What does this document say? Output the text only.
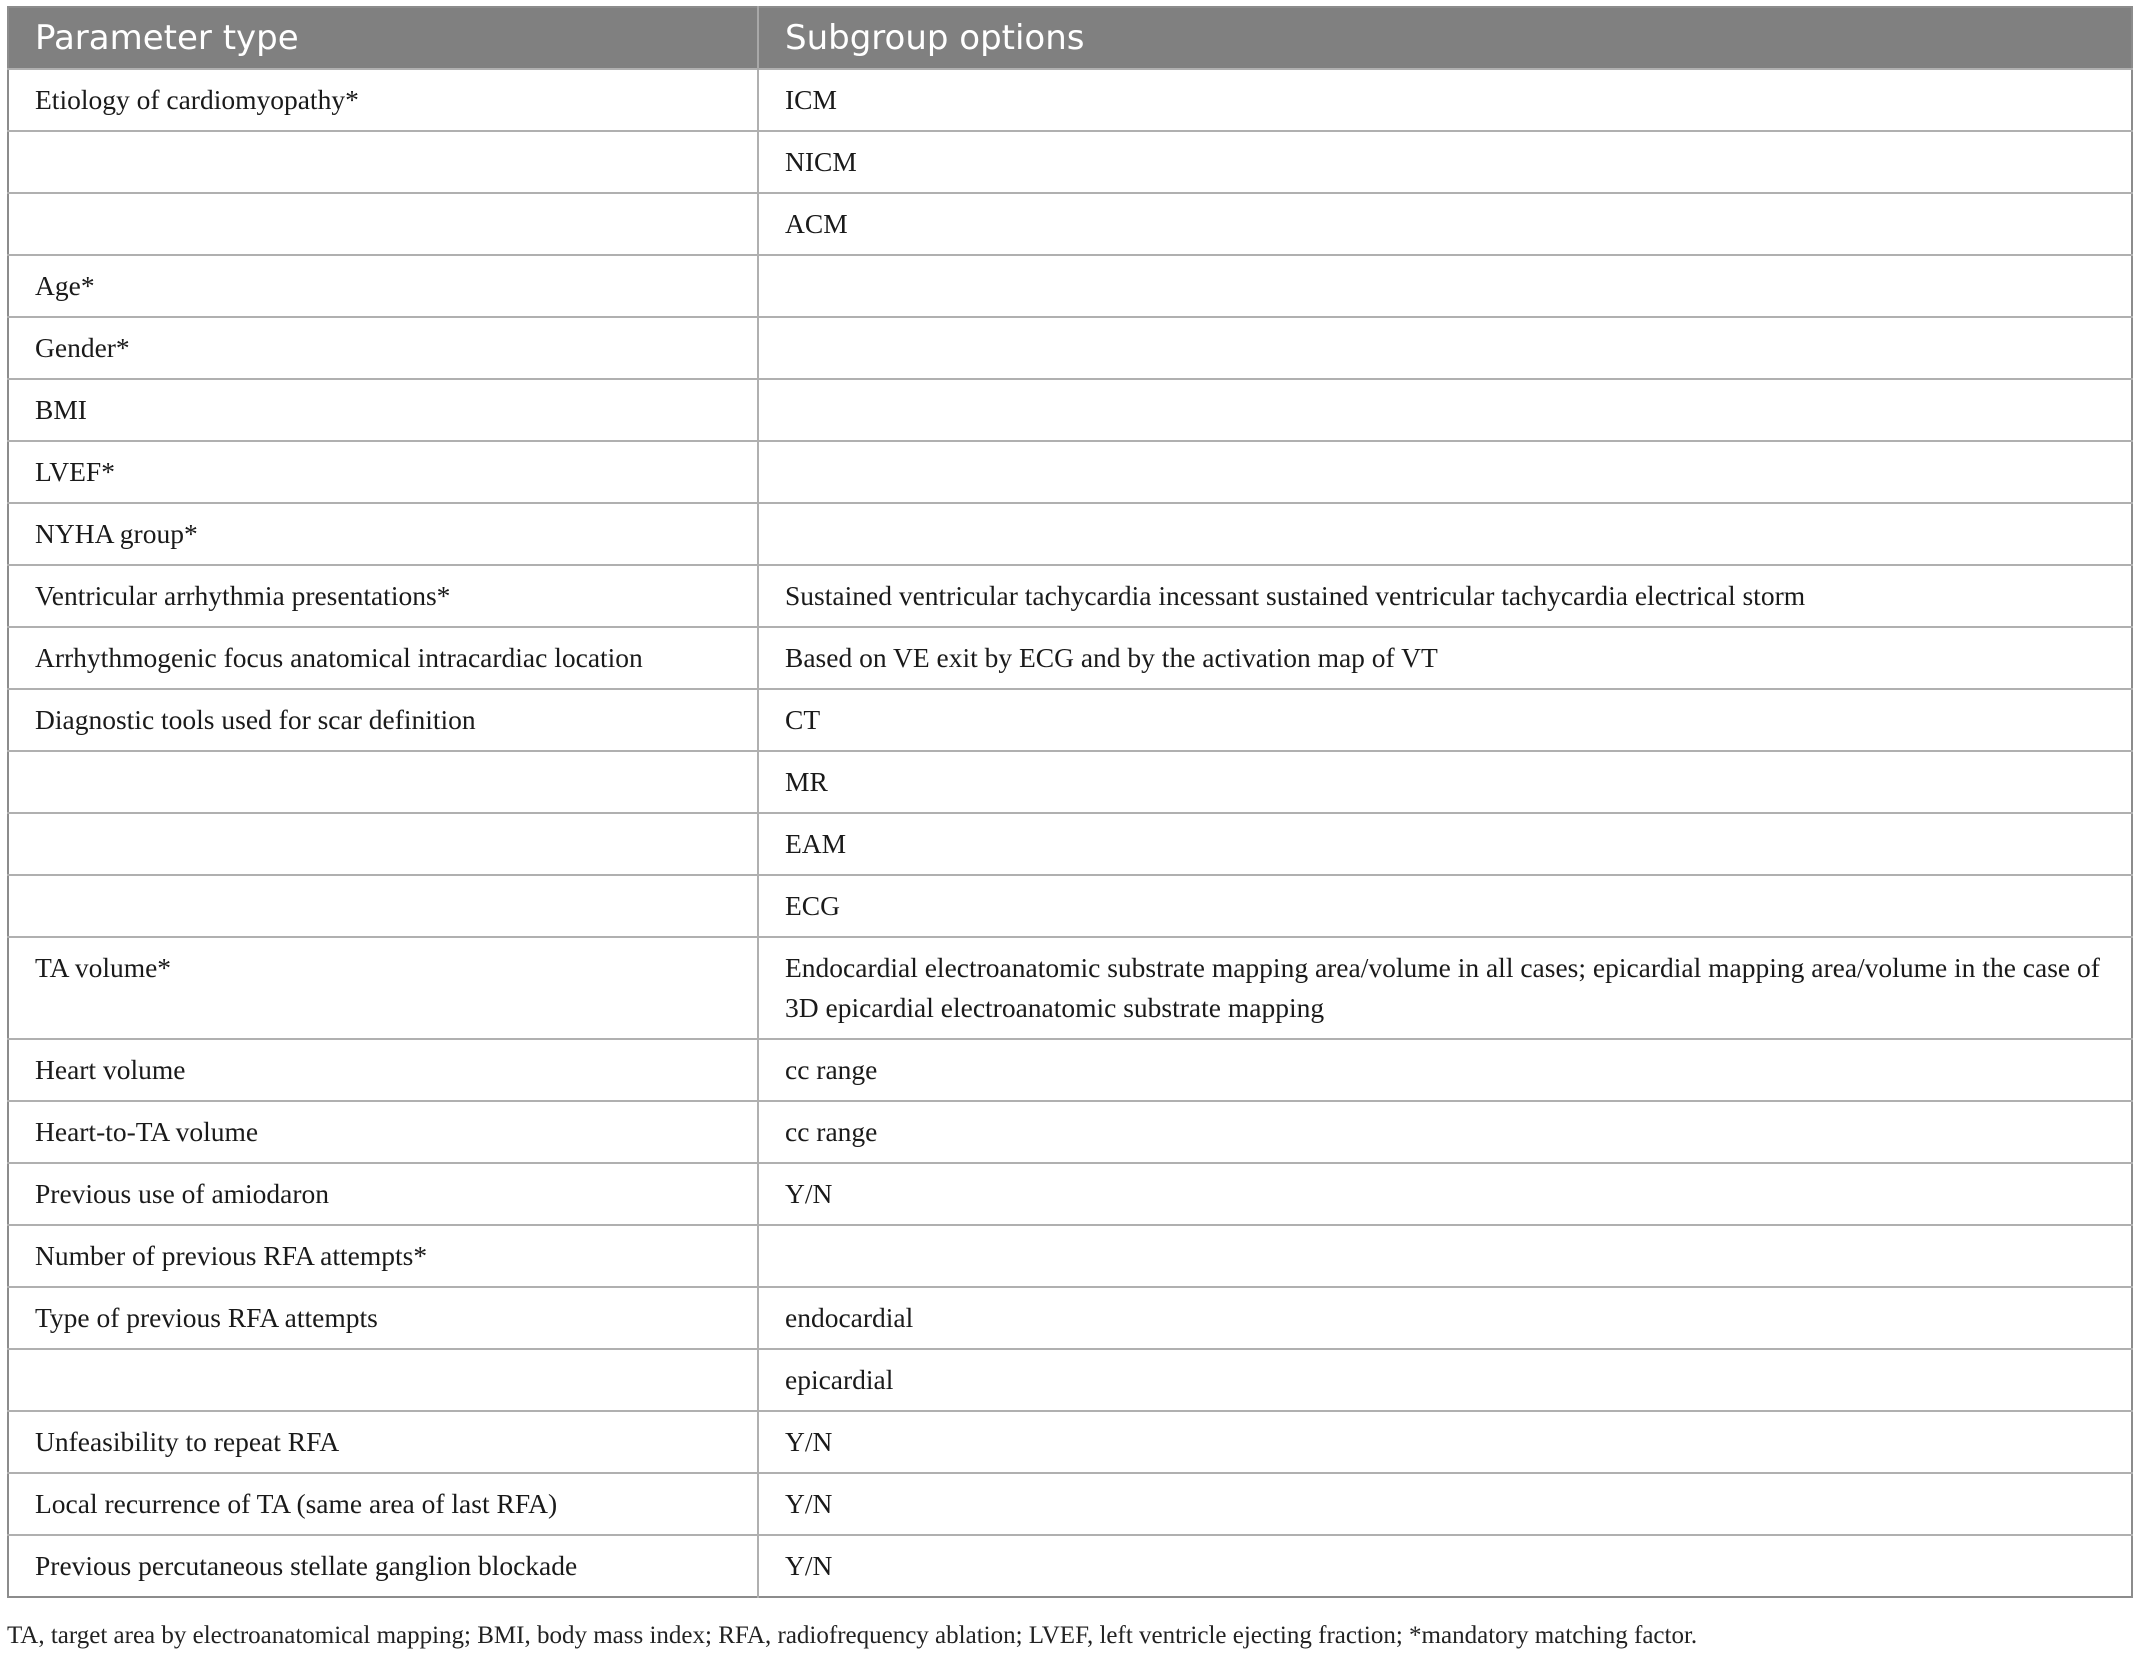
Parameter type	Subgroup options
Etiology of cardiomyopathy*	ICM
	NICM
	ACM
Age*	
Gender*	
BMI	
LVEF*	
NYHA group*	
Ventricular arrhythmia presentations*	Sustained ventricular tachycardia incessant sustained ventricular tachycardia electrical storm
Arrhythmogenic focus anatomical intracardiac location	Based on VE exit by ECG and by the activation map of VT
Diagnostic tools used for scar definition	CT
	MR
	EAM
	ECG
TA volume*	Endocardial electroanatomic substrate mapping area/volume in all cases; epicardial mapping area/volume in the case of 3D epicardial electroanatomic substrate mapping
Heart volume	cc range
Heart-to-TA volume	cc range
Previous use of amiodaron	Y/N
Number of previous RFA attempts*	
Type of previous RFA attempts	endocardial
	epicardial
Unfeasibility to repeat RFA	Y/N
Local recurrence of TA (same area of last RFA)	Y/N
Previous percutaneous stellate ganglion blockade	Y/N
TA, target area by electroanatomical mapping; BMI, body mass index; RFA, radiofrequency ablation; LVEF, left ventricle ejecting fraction; *mandatory matching factor.
